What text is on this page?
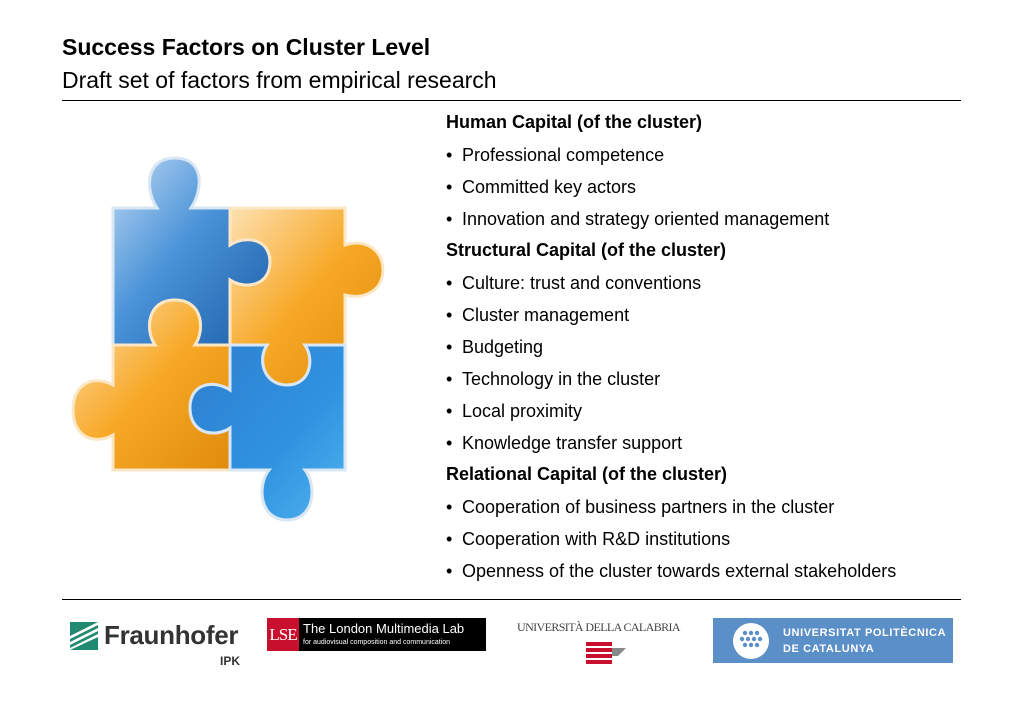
Success Factors on Cluster Level
Draft set of factors from empirical research
Human Capital (of the cluster)
• Professional competence
• Committed key actors
• Innovation and strategy oriented management
Structural Capital (of the cluster)
• Culture: trust and conventions
• Cluster management
• Budgeting
• Technology in the cluster
• Local proximity
• Knowledge transfer support
Relational Capital (of the cluster)
• Cooperation of business partners in the cluster
• Cooperation with R&D institutions
• Openness of the cluster towards external stakeholders
Fraunhofer
IPK
LSE The London Multimedia Lab
for audiovisual composition and communication
UNIVERSITÀ DELLA CALABRIA	UNIVERSITAT POLITÈCNICA
DE CATALUNYA
